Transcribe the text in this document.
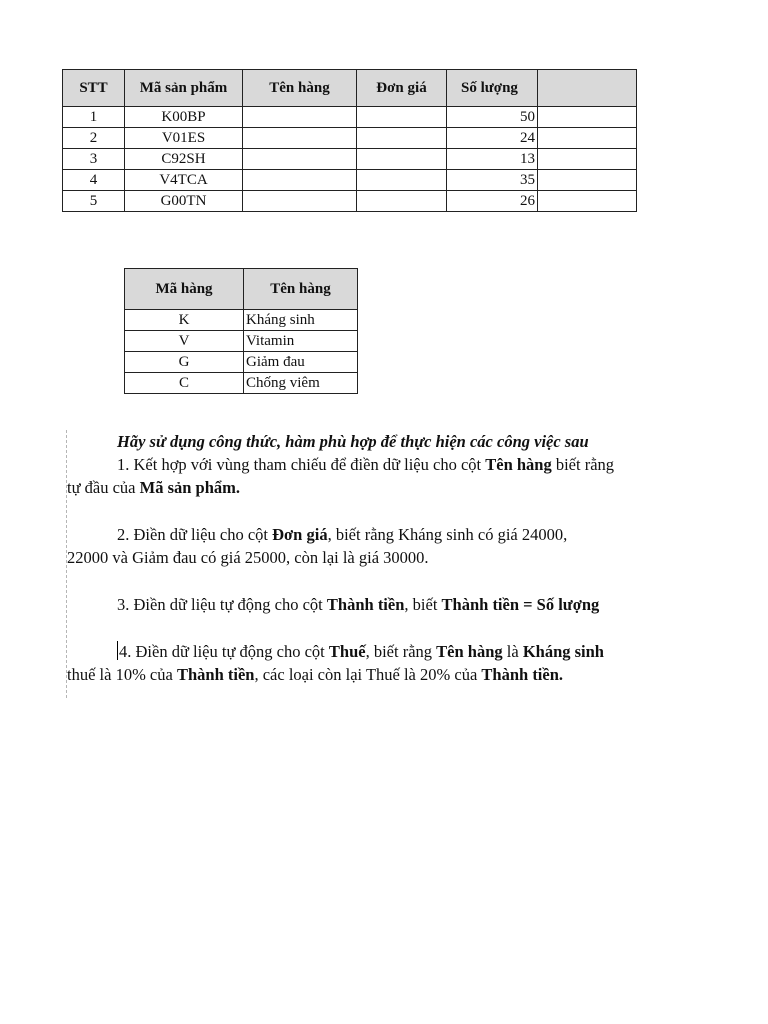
STT	Mã sản phẩm	Tên hàng	Đơn giá	Số lượng	
1	K00BP			50	
2	V01ES			24	
3	C92SH			13	
4	V4TCA			35	
5	G00TN			26	
Mã hàng	Tên hàng
K	Kháng sinh
V	Vitamin
G	Giảm đau
C	Chống viêm
Hãy sử dụng công thức, hàm phù hợp để thực hiện các công việc sau
1. Kết hợp với vùng tham chiếu để điền dữ liệu cho cột Tên hàng biết rằng
tự đầu của Mã sản phẩm.
2. Điền dữ liệu cho cột Đơn giá, biết rằng Kháng sinh có giá 24000,
22000 và Giảm đau có giá 25000, còn lại là giá 30000.
3. Điền dữ liệu tự động cho cột Thành tiền, biết Thành tiền = Số lượng
4. Điền dữ liệu tự động cho cột Thuế, biết rằng Tên hàng là Kháng sinh
thuế là 10% của Thành tiền, các loại còn lại Thuế là 20% của Thành tiền.
